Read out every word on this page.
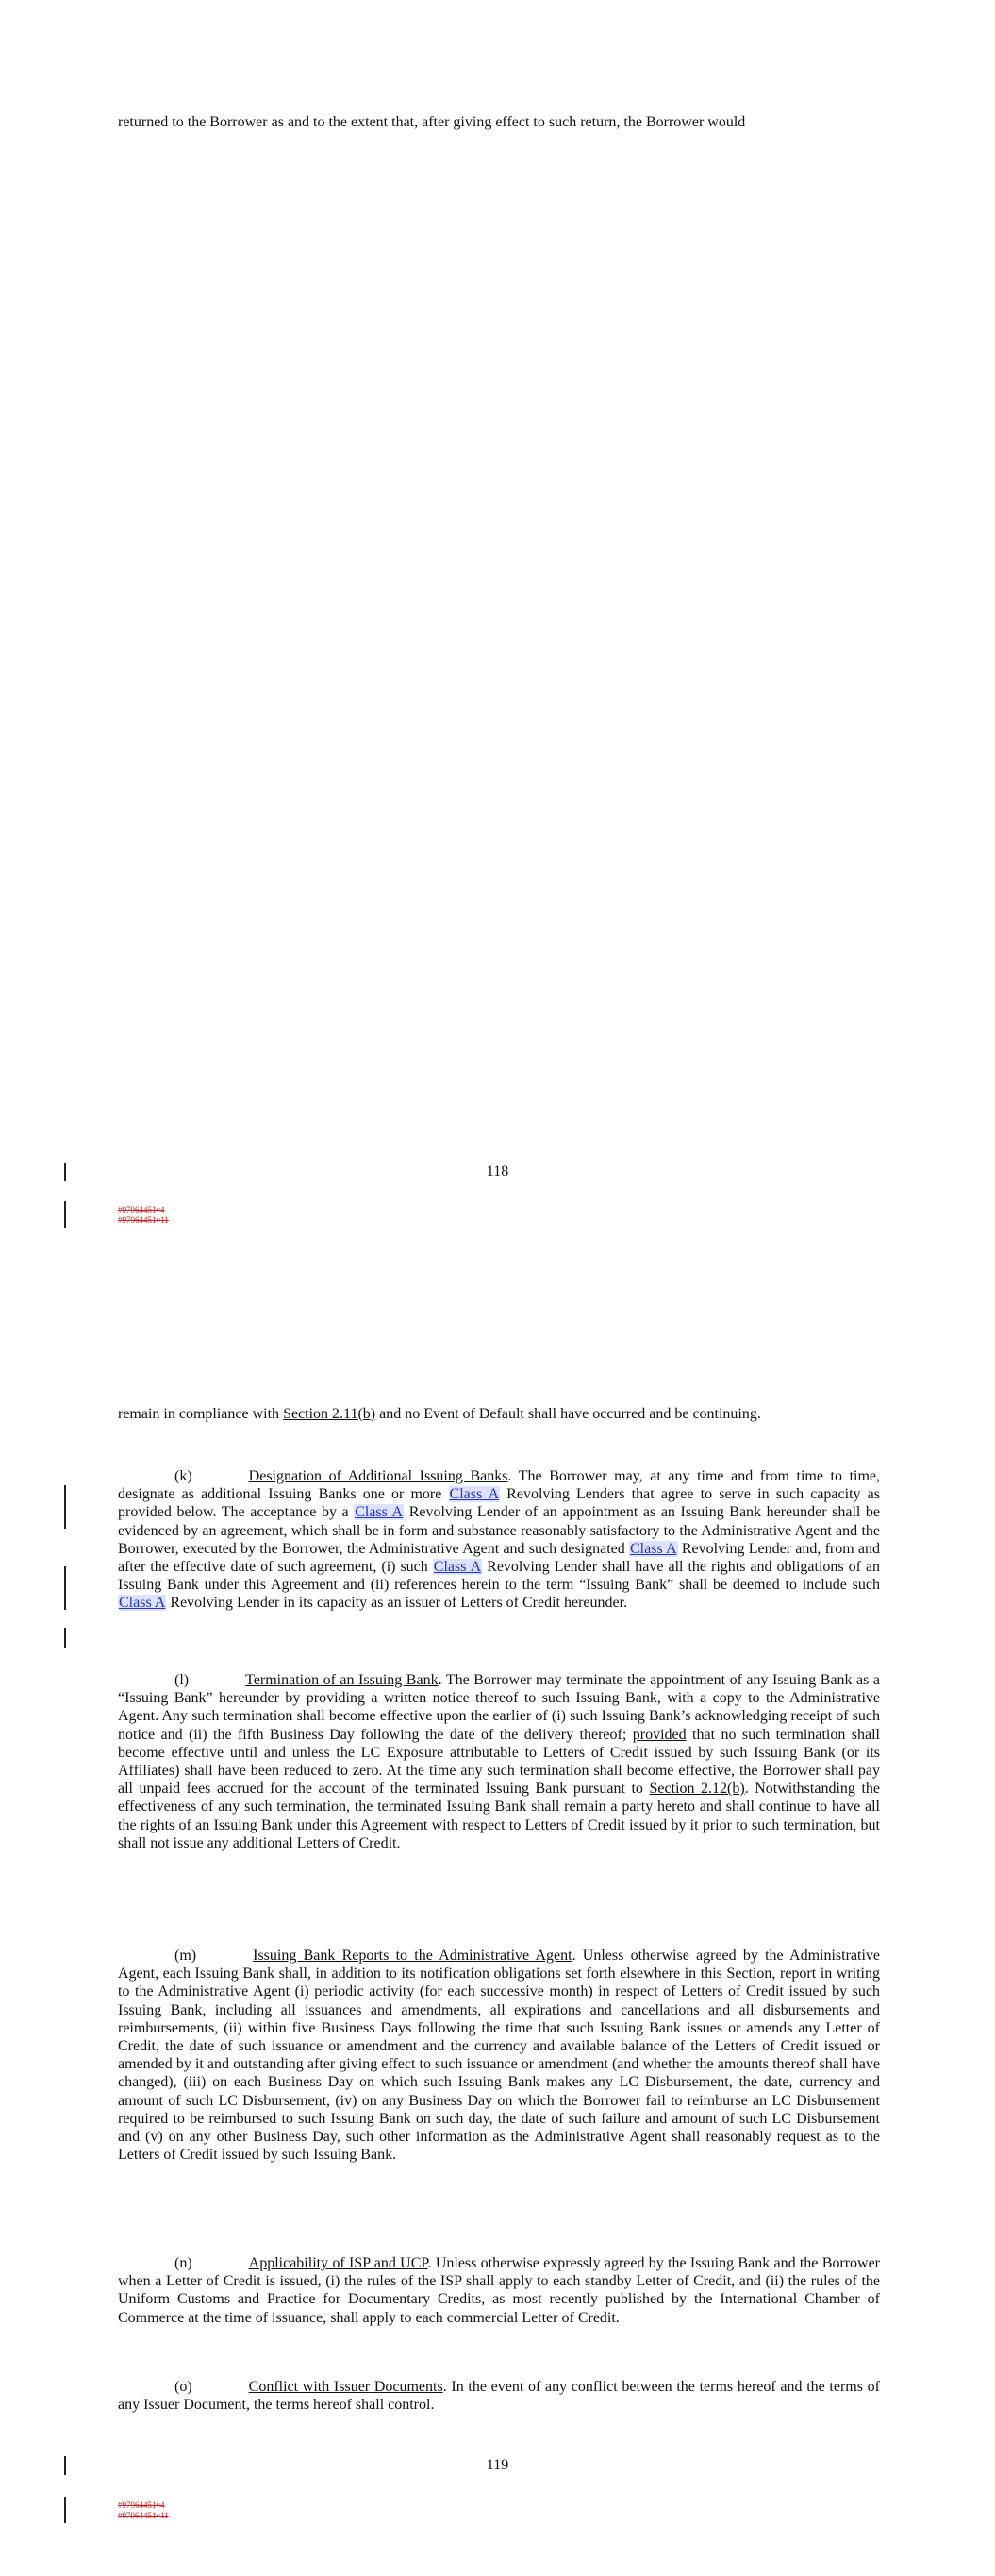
returned to the Borrower as and to the extent that, after giving effect to such return, the Borrower would
118
#97964451v4
#97964451v11

remain in compliance with Section 2.11(b) and no Event of Default shall have occurred and be continuing.

(k)	Designation of Additional Issuing Banks. The Borrower may, at any time and from time to time, designate as additional Issuing Banks one or more Class A Revolving Lenders that agree to serve in such capacity as provided below. The acceptance by a Class A Revolving Lender of an appointment as an Issuing Bank hereunder shall be evidenced by an agreement, which shall be in form and substance reasonably satisfactory to the Administrative Agent and the Borrower, executed by the Borrower, the Administrative Agent and such designated Class A Revolving Lender and, from and after the effective date of such agreement, (i) such Class A Revolving Lender shall have all the rights and obligations of an Issuing Bank under this Agreement and (ii) references herein to the term “Issuing Bank” shall be deemed to include such Class A Revolving Lender in its capacity as an issuer of Letters of Credit hereunder.

(l)	Termination of an Issuing Bank. The Borrower may terminate the appointment of any Issuing Bank as a “Issuing Bank” hereunder by providing a written notice thereof to such Issuing Bank, with a copy to the Administrative Agent. Any such termination shall become effective upon the earlier of (i) such Issuing Bank’s acknowledging receipt of such notice and (ii) the fifth Business Day following the date of the delivery thereof; provided that no such termination shall become effective until and unless the LC Exposure attributable to Letters of Credit issued by such Issuing Bank (or its Affiliates) shall have been reduced to zero. At the time any such termination shall become effective, the Borrower shall pay all unpaid fees accrued for the account of the terminated Issuing Bank pursuant to Section 2.12(b). Notwithstanding the effectiveness of any such termination, the terminated Issuing Bank shall remain a party hereto and shall continue to have all the rights of an Issuing Bank under this Agreement with respect to Letters of Credit issued by it prior to such termination, but shall not issue any additional Letters of Credit.

(m)	Issuing Bank Reports to the Administrative Agent. Unless otherwise agreed by the Administrative Agent, each Issuing Bank shall, in addition to its notification obligations set forth elsewhere in this Section, report in writing to the Administrative Agent (i) periodic activity (for each successive month) in respect of Letters of Credit issued by such Issuing Bank, including all issuances and amendments, all expirations and cancellations and all disbursements and reimbursements, (ii) within five Business Days following the time that such Issuing Bank issues or amends any Letter of Credit, the date of such issuance or amendment and the currency and available balance of the Letters of Credit issued or amended by it and outstanding after giving effect to such issuance or amendment (and whether the amounts thereof shall have changed), (iii) on each Business Day on which such Issuing Bank makes any LC Disbursement, the date, currency and amount of such LC Disbursement, (iv) on any Business Day on which the Borrower fail to reimburse an LC Disbursement required to be reimbursed to such Issuing Bank on such day, the date of such failure and amount of such LC Disbursement and (v) on any other Business Day, such other information as the Administrative Agent shall reasonably request as to the Letters of Credit issued by such Issuing Bank.

(n)	Applicability of ISP and UCP. Unless otherwise expressly agreed by the Issuing Bank and the Borrower when a Letter of Credit is issued, (i) the rules of the ISP shall apply to each standby Letter of Credit, and (ii) the rules of the Uniform Customs and Practice for Documentary Credits, as most recently published by the International Chamber of Commerce at the time of issuance, shall apply to each commercial Letter of Credit.

(o)	Conflict with Issuer Documents. In the event of any conflict between the terms hereof and the terms of any Issuer Document, the terms hereof shall control.

119
#97964451v4
#97964451v11
